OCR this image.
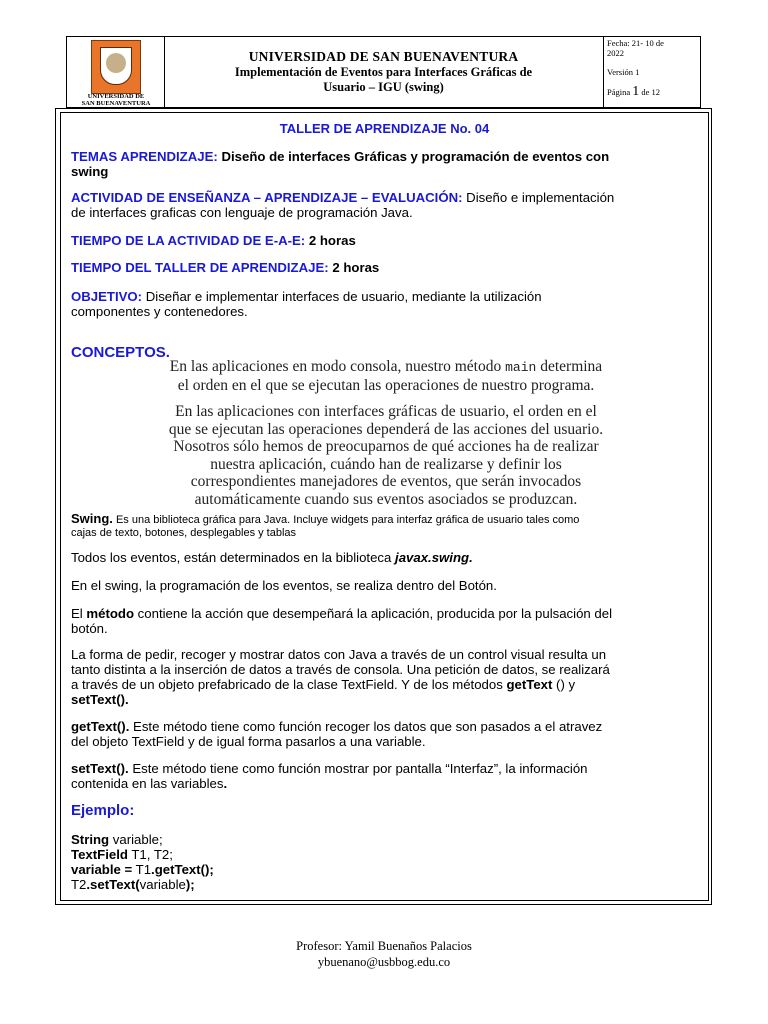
UNIVERSIDAD DE
SAN BUENAVENTURA
UNIVERSIDAD DE SAN BUENAVENTURA
Implementación de Eventos para Interfaces Gráficas de
Usuario – IGU (swing)
Fecha: 21- 10 de
2022
Versión 1
Página 1 de 12
TALLER DE APRENDIZAJE No. 04
TEMAS APRENDIZAJE: Diseño de interfaces Gráficas y programación de eventos con
swing
ACTIVIDAD DE ENSEÑANZA – APRENDIZAJE – EVALUACIÓN: Diseño e implementación
de interfaces graficas con lenguaje de programación Java.
TIEMPO DE LA ACTIVIDAD DE E-A-E: 2 horas
TIEMPO DEL TALLER DE APRENDIZAJE: 2 horas
OBJETIVO: Diseñar e implementar interfaces de usuario, mediante la utilización
componentes y contenedores.
CONCEPTOS.
En las aplicaciones en modo consola, nuestro método main determina
el orden en el que se ejecutan las operaciones de nuestro programa.
En las aplicaciones con interfaces gráficas de usuario, el orden en el
que se ejecutan las operaciones dependerá de las acciones del usuario.
Nosotros sólo hemos de preocuparnos de qué acciones ha de realizar
nuestra aplicación, cuándo han de realizarse y definir los
correspondientes manejadores de eventos, que serán invocados
automáticamente cuando sus eventos asociados se produzcan.
Swing. Es una biblioteca gráfica para Java. Incluye widgets para interfaz gráfica de usuario tales como
cajas de texto, botones, desplegables y tablas
Todos los eventos, están determinados en la biblioteca javax.swing.
En el swing, la programación de los eventos, se realiza dentro del Botón.
El método contiene la acción que desempeñará la aplicación, producida por la pulsación del
botón.
La forma de pedir, recoger y mostrar datos con Java a través de un control visual resulta un
tanto distinta a la inserción de datos a través de consola. Una petición de datos, se realizará
a través de un objeto prefabricado de la clase TextField. Y de los métodos getText () y
setText().
getText(). Este método tiene como función recoger los datos que son pasados a el atravez
del objeto TextField y de igual forma pasarlos a una variable.
setText(). Este método tiene como función mostrar por pantalla “Interfaz”, la información
contenida en las variables.
Ejemplo:
String variable;
TextField T1, T2;
variable = T1.getText();
T2.setText(variable);
Profesor: Yamil Buenaños Palacios
ybuenano@usbbog.edu.co
